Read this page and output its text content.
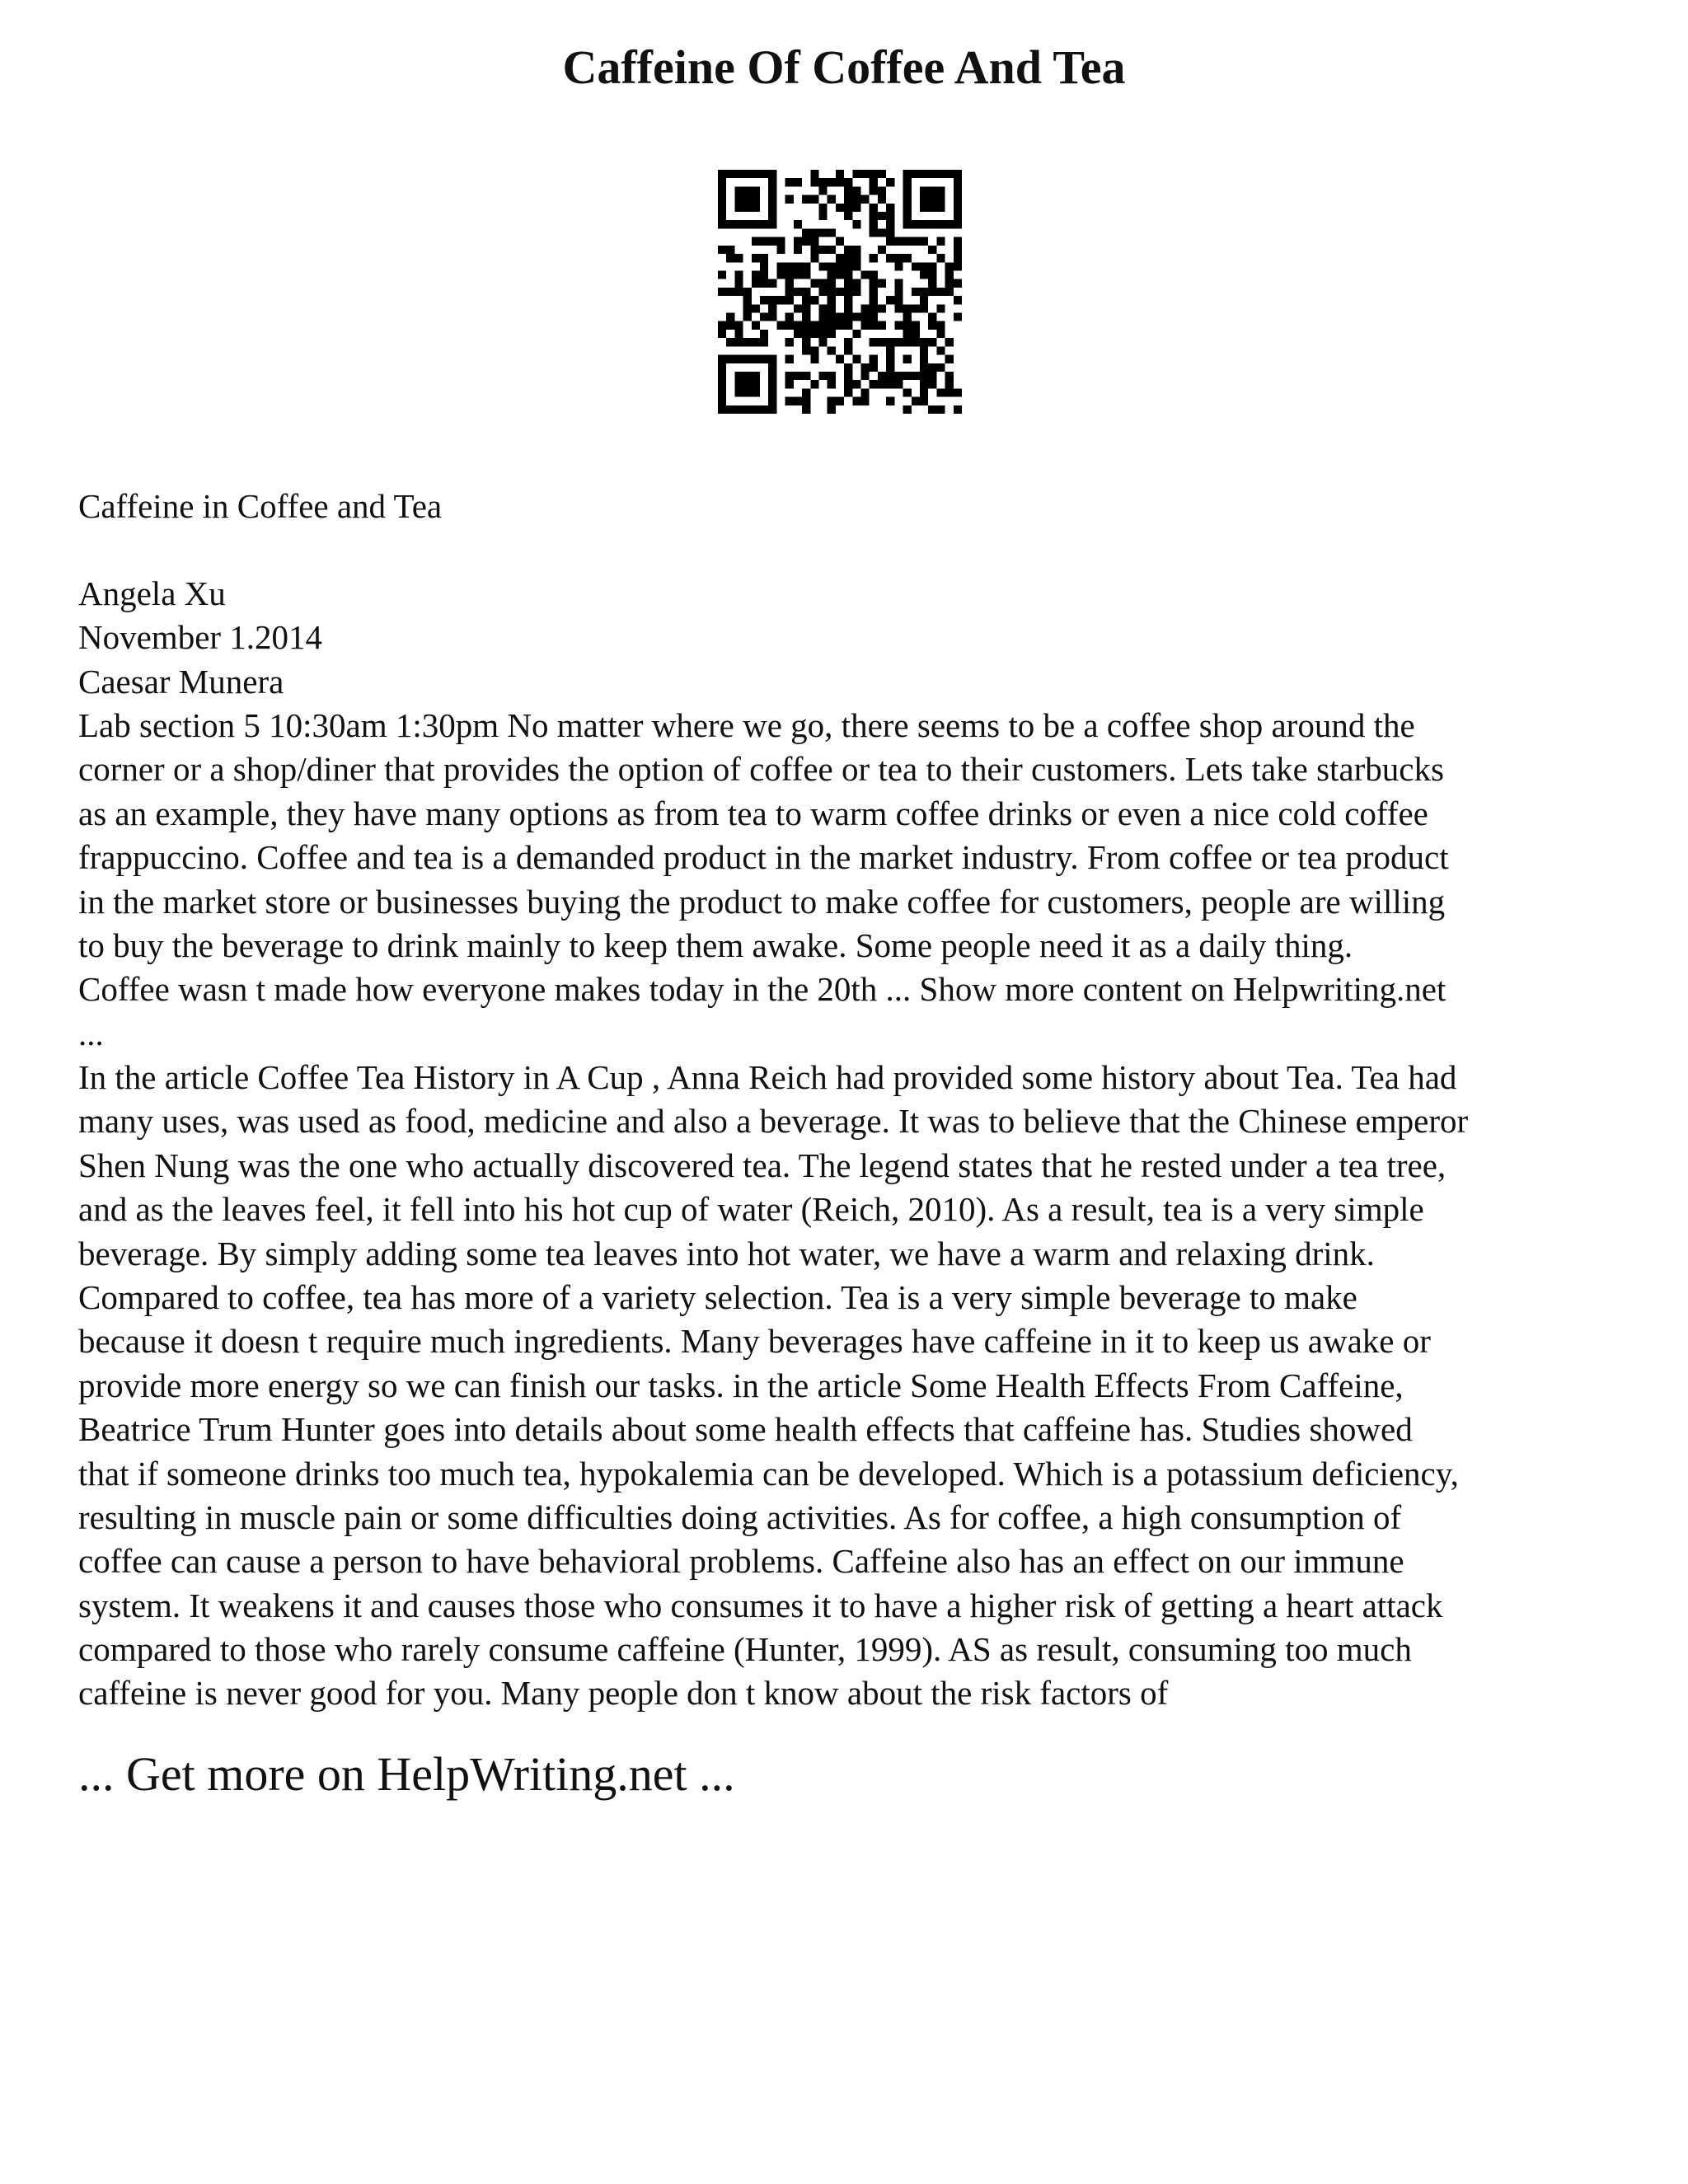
Caffeine Of Coffee And Tea

Caffeine in Coffee and Tea

Angela Xu
November 1.2014
Caesar Munera
Lab section 5 10:30am 1:30pm No matter where we go, there seems to be a coffee shop around the
corner or a shop/diner that provides the option of coffee or tea to their customers. Lets take starbucks
as an example, they have many options as from tea to warm coffee drinks or even a nice cold coffee
frappuccino. Coffee and tea is a demanded product in the market industry. From coffee or tea product
in the market store or businesses buying the product to make coffee for customers, people are willing
to buy the beverage to drink mainly to keep them awake. Some people need it as a daily thing.
Coffee wasn t made how everyone makes today in the 20th ... Show more content on Helpwriting.net
...
In the article Coffee Tea History in A Cup , Anna Reich had provided some history about Tea. Tea had
many uses, was used as food, medicine and also a beverage. It was to believe that the Chinese emperor
Shen Nung was the one who actually discovered tea. The legend states that he rested under a tea tree,
and as the leaves feel, it fell into his hot cup of water (Reich, 2010). As a result, tea is a very simple
beverage. By simply adding some tea leaves into hot water, we have a warm and relaxing drink.
Compared to coffee, tea has more of a variety selection. Tea is a very simple beverage to make
because it doesn t require much ingredients. Many beverages have caffeine in it to keep us awake or
provide more energy so we can finish our tasks. in the article Some Health Effects From Caffeine,
Beatrice Trum Hunter goes into details about some health effects that caffeine has. Studies showed
that if someone drinks too much tea, hypokalemia can be developed. Which is a potassium deficiency,
resulting in muscle pain or some difficulties doing activities. As for coffee, a high consumption of
coffee can cause a person to have behavioral problems. Caffeine also has an effect on our immune
system. It weakens it and causes those who consumes it to have a higher risk of getting a heart attack
compared to those who rarely consume caffeine (Hunter, 1999). AS as result, consuming too much
caffeine is never good for you. Many people don t know about the risk factors of

... Get more on HelpWriting.net ...
